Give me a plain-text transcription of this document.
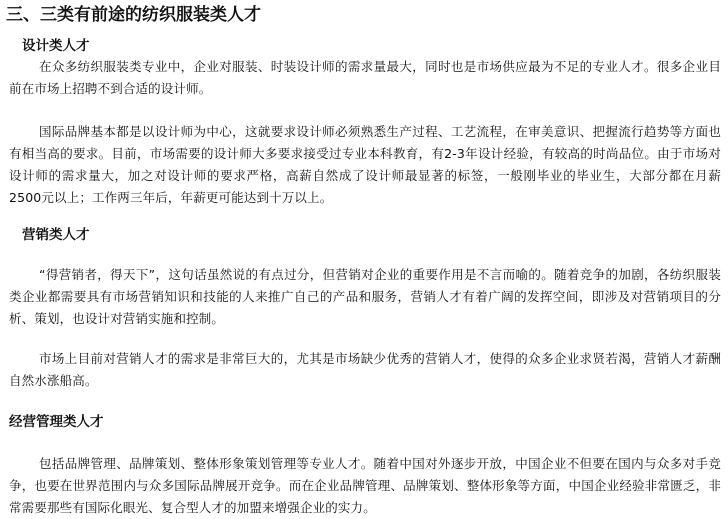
三、三类有前途的纺织服装类人才
设计类人才

在众多纺织服装类专业中，企业对服装、时装设计师的需求量最大，同时也是市场供应最为不足的专业人才。很多企业目前在市场上招聘不到合适的设计师。

国际品牌基本都是以设计师为中心，这就要求设计师必须熟悉生产过程、工艺流程，在审美意识、把握流行趋势等方面也有相当高的要求。目前，市场需要的设计师大多要求接受过专业本科教育，有2-3年设计经验，有较高的时尚品位。由于市场对设计师的需求量大，加之对设计师的要求严格，高薪自然成了设计师最显著的标签，一般刚毕业的毕业生，大部分都在月薪2500元以上；工作两三年后，年薪更可能达到十万以上。

营销类人才

“得营销者，得天下”，这句话虽然说的有点过分，但营销对企业的重要作用是不言而喻的。随着竞争的加剧，各纺织服装类企业都需要具有市场营销知识和技能的人来推广自己的产品和服务，营销人才有着广阔的发挥空间，即涉及对营销项目的分析、策划，也设计对营销实施和控制。

市场上目前对营销人才的需求是非常巨大的，尤其是市场缺少优秀的营销人才，使得的众多企业求贤若渴，营销人才薪酬自然水涨船高。

经营管理类人才

包括品牌管理、品牌策划、整体形象策划管理等专业人才。随着中国对外逐步开放，中国企业不但要在国内与众多对手竞争，也要在世界范围内与众多国际品牌展开竞争。而在企业品牌管理、品牌策划、整体形象等方面，中国企业经验非常匮乏，非常需要那些有国际化眼光、复合型人才的加盟来增强企业的实力。
